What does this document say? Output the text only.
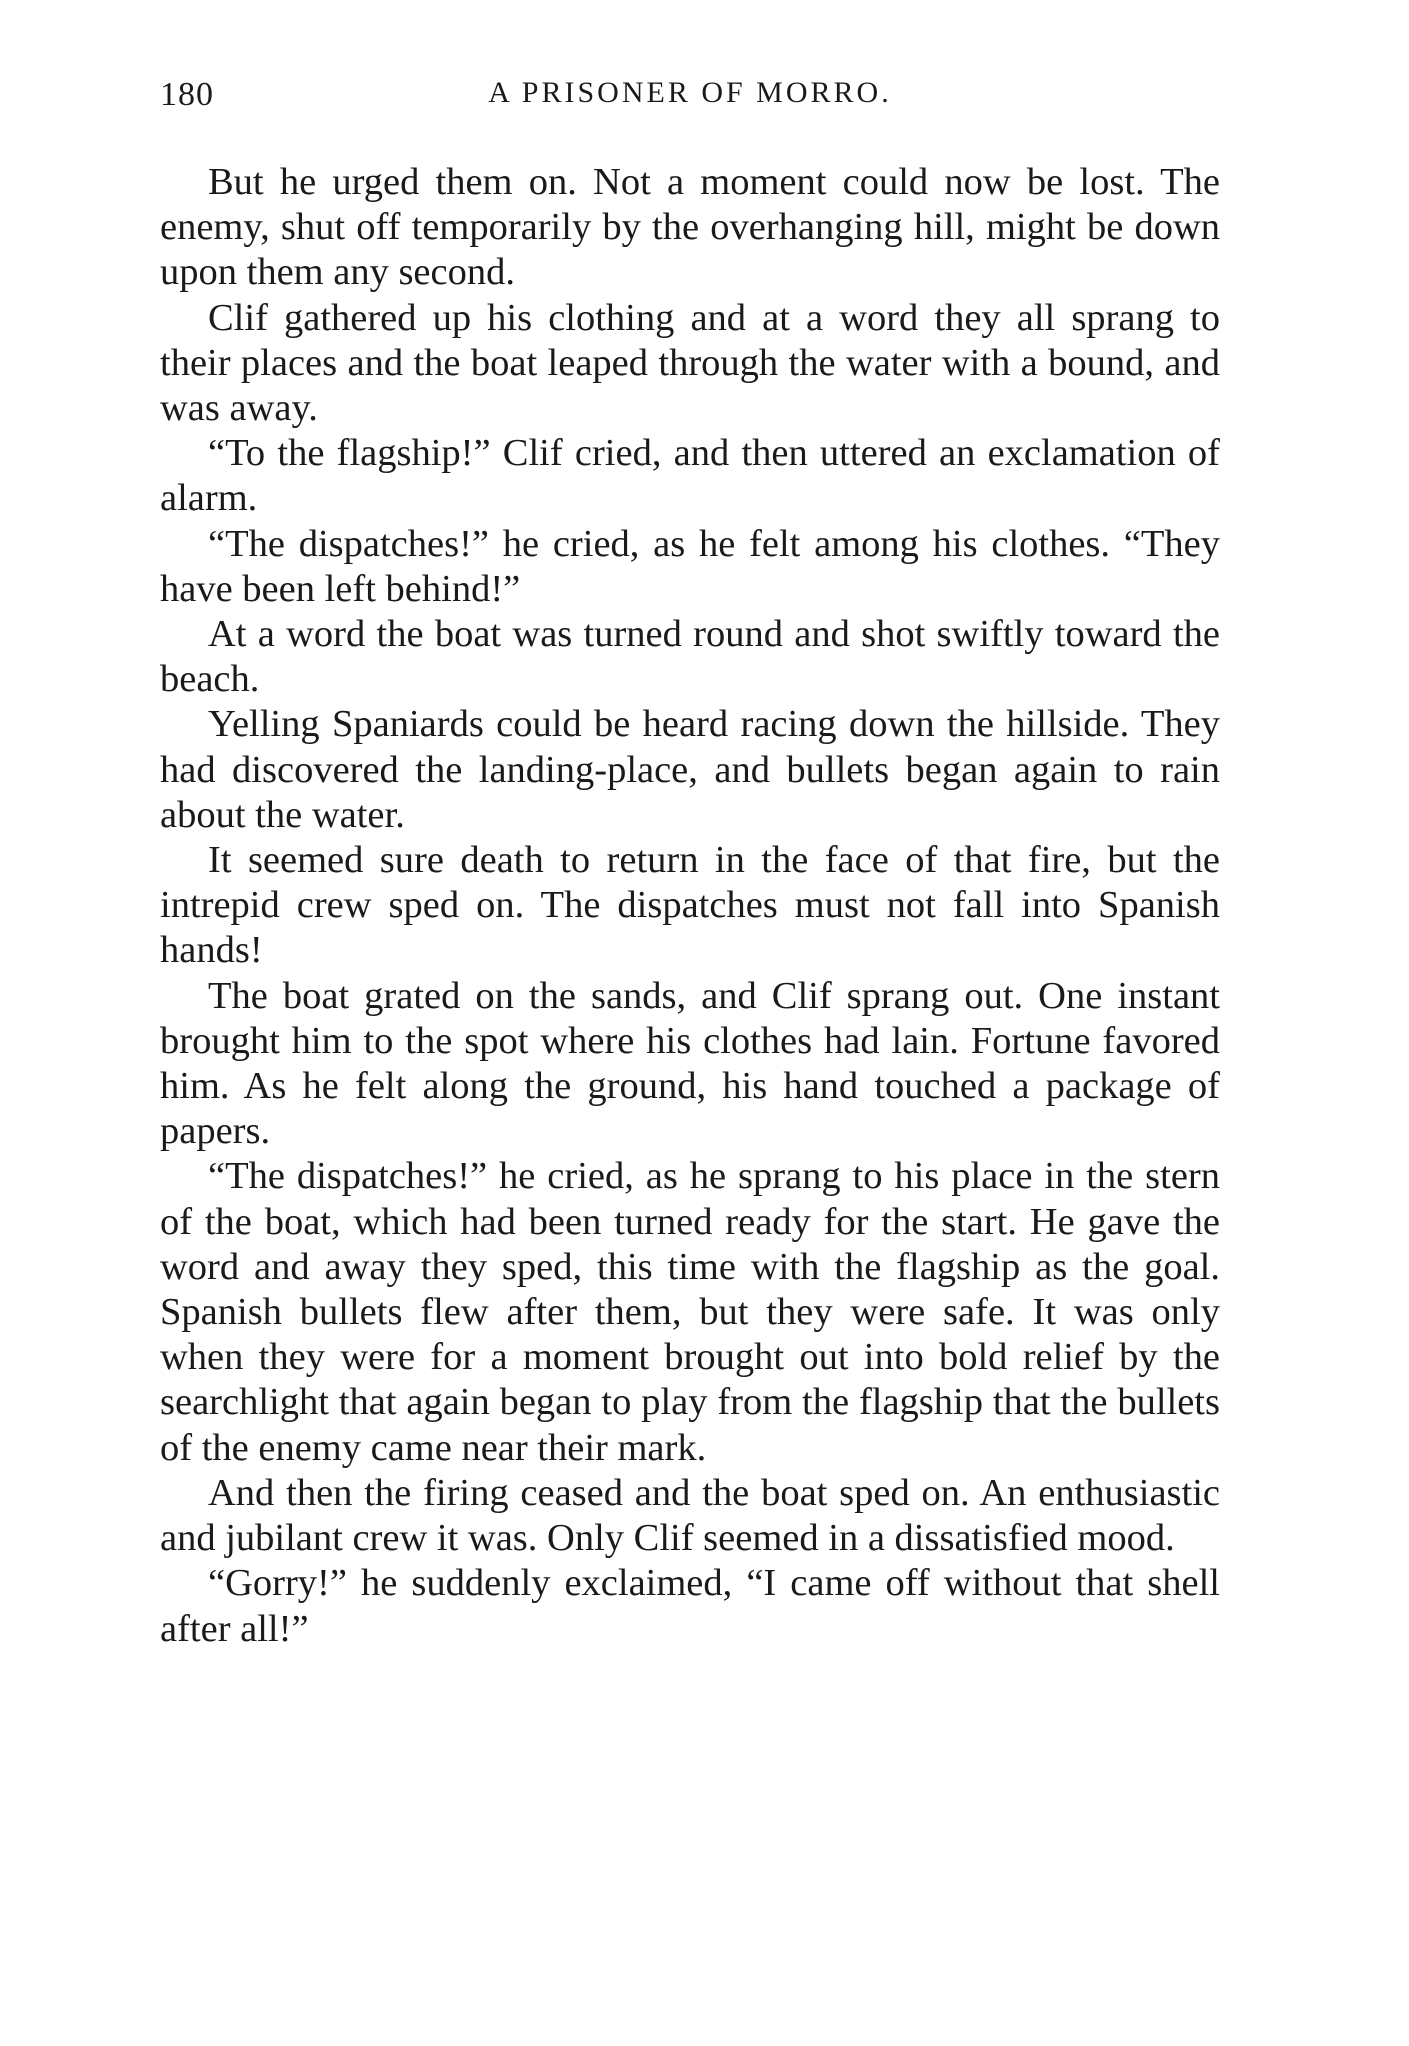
180	A PRISONER OF MORRO.

But he urged them on. Not a moment could now be lost. The enemy, shut off temporarily by the overhanging hill, might be down upon them any second.

Clif gathered up his clothing and at a word they all sprang to their places and the boat leaped through the water with a bound, and was away.

“To the flagship!” Clif cried, and then uttered an exclamation of alarm.

“The dispatches!” he cried, as he felt among his clothes. “They have been left behind!”

At a word the boat was turned round and shot swiftly toward the beach.

Yelling Spaniards could be heard racing down the hillside. They had discovered the landing-place, and bullets began again to rain about the water.

It seemed sure death to return in the face of that fire, but the intrepid crew sped on. The dispatches must not fall into Spanish hands!

The boat grated on the sands, and Clif sprang out. One instant brought him to the spot where his clothes had lain. Fortune favored him. As he felt along the ground, his hand touched a package of papers.

“The dispatches!” he cried, as he sprang to his place in the stern of the boat, which had been turned ready for the start. He gave the word and away they sped, this time with the flagship as the goal. Spanish bullets flew after them, but they were safe. It was only when they were for a moment brought out into bold relief by the searchlight that again began to play from the flagship that the bullets of the enemy came near their mark.

And then the firing ceased and the boat sped on. An enthusiastic and jubilant crew it was. Only Clif seemed in a dissatisfied mood.

“Gorry!” he suddenly exclaimed, “I came off without that shell after all!”
